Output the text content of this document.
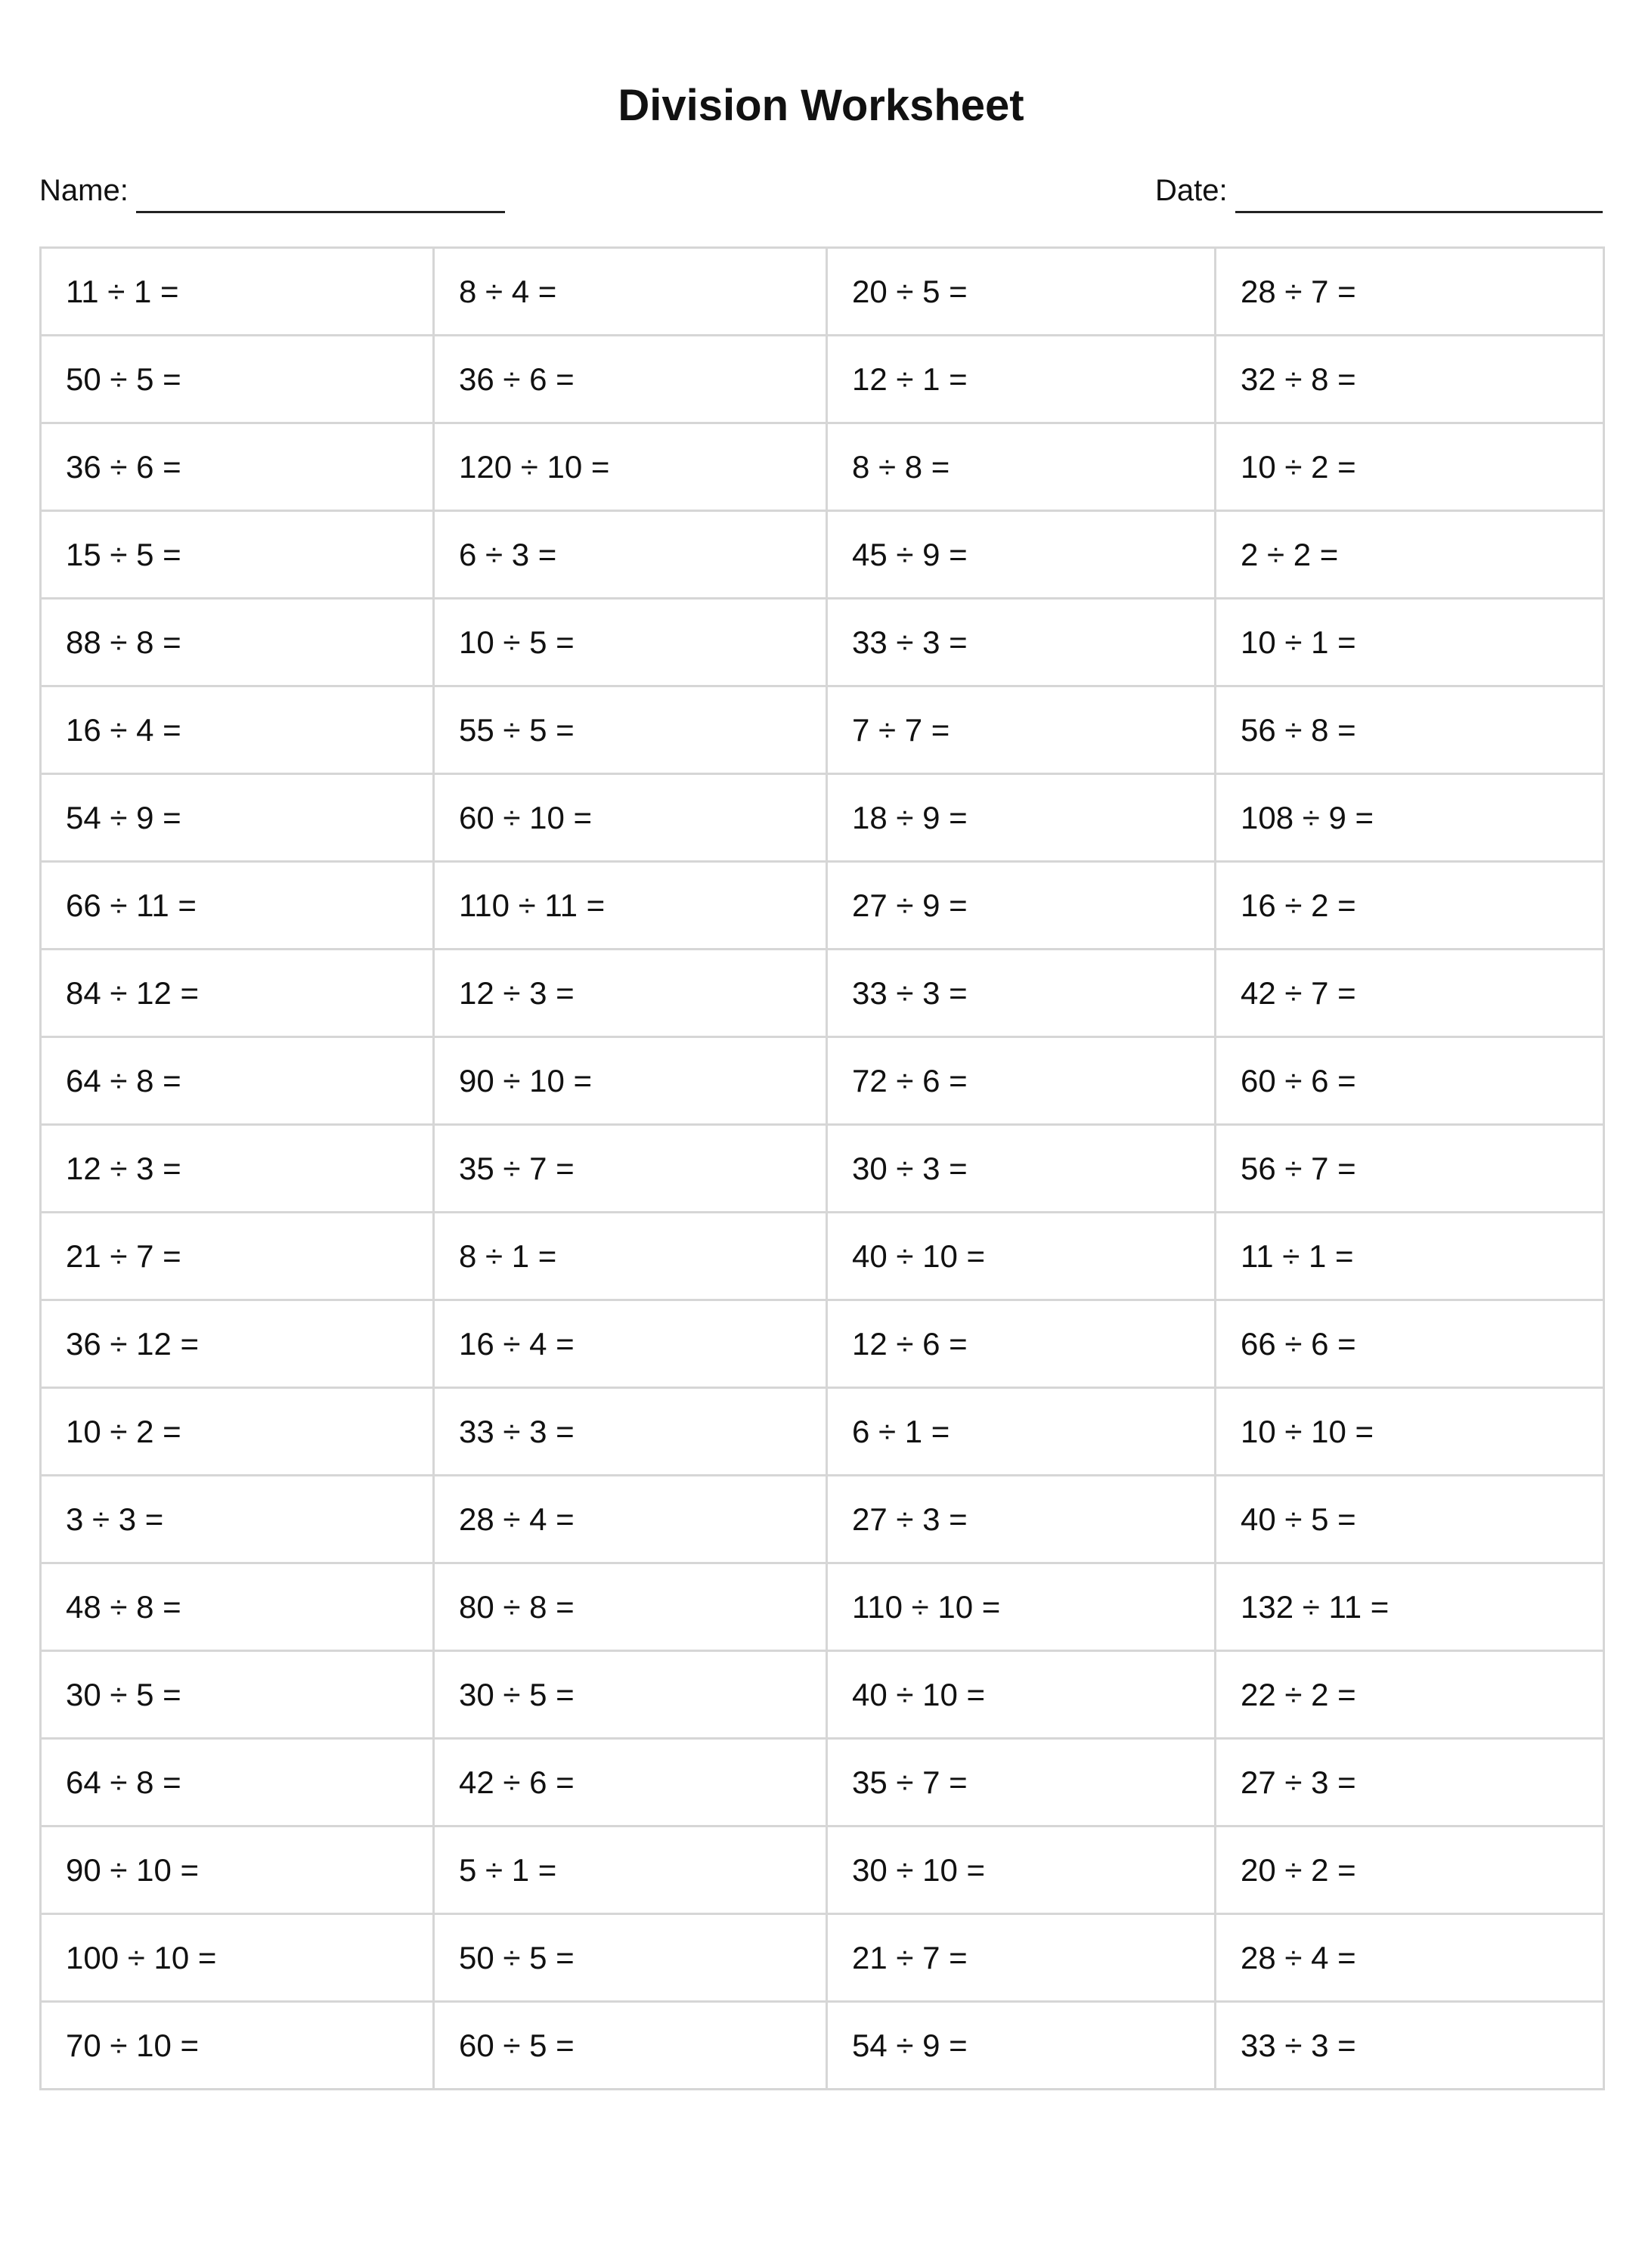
Division Worksheet
Name:	Date:
11 ÷ 1 =	8 ÷ 4 =	20 ÷ 5 =	28 ÷ 7 =
50 ÷ 5 =	36 ÷ 6 =	12 ÷ 1 =	32 ÷ 8 =
36 ÷ 6 =	120 ÷ 10 =	8 ÷ 8 =	10 ÷ 2 =
15 ÷ 5 =	6 ÷ 3 =	45 ÷ 9 =	2 ÷ 2 =
88 ÷ 8 =	10 ÷ 5 =	33 ÷ 3 =	10 ÷ 1 =
16 ÷ 4 =	55 ÷ 5 =	7 ÷ 7 =	56 ÷ 8 =
54 ÷ 9 =	60 ÷ 10 =	18 ÷ 9 =	108 ÷ 9 =
66 ÷ 11 =	110 ÷ 11 =	27 ÷ 9 =	16 ÷ 2 =
84 ÷ 12 =	12 ÷ 3 =	33 ÷ 3 =	42 ÷ 7 =
64 ÷ 8 =	90 ÷ 10 =	72 ÷ 6 =	60 ÷ 6 =
12 ÷ 3 =	35 ÷ 7 =	30 ÷ 3 =	56 ÷ 7 =
21 ÷ 7 =	8 ÷ 1 =	40 ÷ 10 =	11 ÷ 1 =
36 ÷ 12 =	16 ÷ 4 =	12 ÷ 6 =	66 ÷ 6 =
10 ÷ 2 =	33 ÷ 3 =	6 ÷ 1 =	10 ÷ 10 =
3 ÷ 3 =	28 ÷ 4 =	27 ÷ 3 =	40 ÷ 5 =
48 ÷ 8 =	80 ÷ 8 =	110 ÷ 10 =	132 ÷ 11 =
30 ÷ 5 =	30 ÷ 5 =	40 ÷ 10 =	22 ÷ 2 =
64 ÷ 8 =	42 ÷ 6 =	35 ÷ 7 =	27 ÷ 3 =
90 ÷ 10 =	5 ÷ 1 =	30 ÷ 10 =	20 ÷ 2 =
100 ÷ 10 =	50 ÷ 5 =	21 ÷ 7 =	28 ÷ 4 =
70 ÷ 10 =	60 ÷ 5 =	54 ÷ 9 =	33 ÷ 3 =
